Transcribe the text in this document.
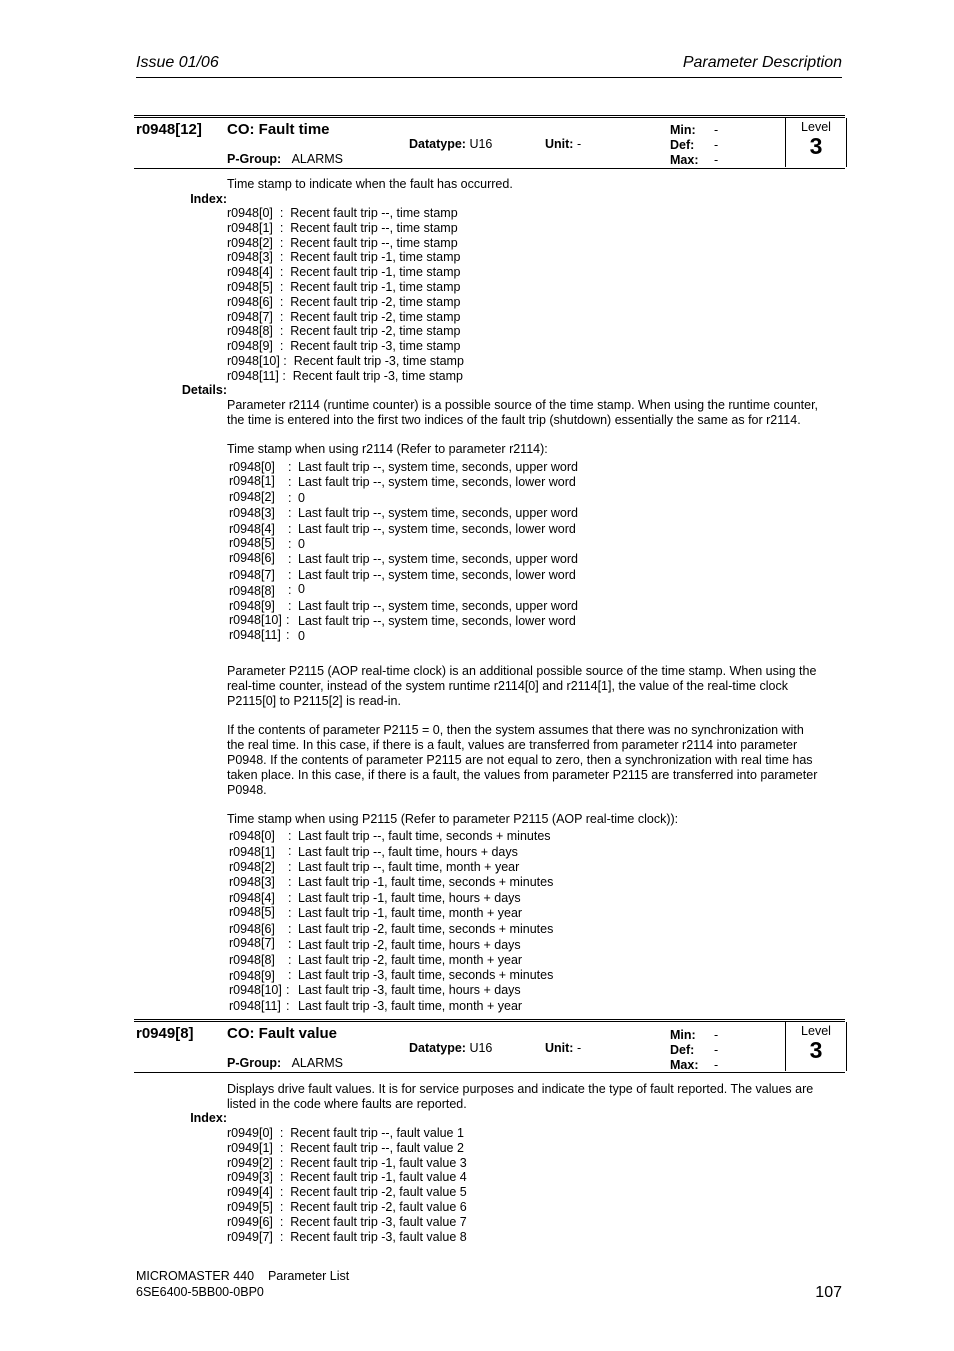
Issue 01/06	Parameter Description
r0948[12] CO: Fault time
Datatype: U16	Unit: -
P-Group: ALARMS
Min: -
Def: -
Max: -
Level
3
Time stamp to indicate when the fault has occurred.
Index:
r0948[0]  :  Recent fault trip --, time stamp
r0948[1]  :  Recent fault trip --, time stamp
r0948[2]  :  Recent fault trip --, time stamp
r0948[3]  :  Recent fault trip -1, time stamp
r0948[4]  :  Recent fault trip -1, time stamp
r0948[5]  :  Recent fault trip -1, time stamp
r0948[6]  :  Recent fault trip -2, time stamp
r0948[7]  :  Recent fault trip -2, time stamp
r0948[8]  :  Recent fault trip -2, time stamp
r0948[9]  :  Recent fault trip -3, time stamp
r0948[10] :  Recent fault trip -3, time stamp
r0948[11] :  Recent fault trip -3, time stamp
Details:
Parameter r2114 (runtime counter) is a possible source of the time stamp. When using the runtime counter,
the time is entered into the first two indices of the fault trip (shutdown) essentially the same as for r2114.
Time stamp when using r2114 (Refer to parameter r2114):
r0948[0] : Last fault trip --, system time, seconds, upper word
r0948[1] : Last fault trip --, system time, seconds, lower word
r0948[2] : 0
r0948[3] : Last fault trip --, system time, seconds, upper word
r0948[4] : Last fault trip --, system time, seconds, lower word
r0948[5] : 0
r0948[6] : Last fault trip --, system time, seconds, upper word
r0948[7] : Last fault trip --, system time, seconds, lower word
r0948[8] : 0
r0948[9] : Last fault trip --, system time, seconds, upper word
r0948[10] : Last fault trip --, system time, seconds, lower word
r0948[11] : 0
Parameter P2115 (AOP real-time clock) is an additional possible source of the time stamp. When using the
real-time counter, instead of the system runtime r2114[0] and r2114[1], the value of the real-time clock
P2115[0] to P2115[2] is read-in.
If the contents of parameter P2115 = 0, then the system assumes that there was no synchronization with
the real time. In this case, if there is a fault, values are transferred from parameter r2114 into parameter
P0948. If the contents of parameter P2115 are not equal to zero, then a synchronization with real time has
taken place. In this case, if there is a fault, the values from parameter P2115 are transferred into parameter
P0948.
Time stamp when using P2115 (Refer to parameter P2115 (AOP real-time clock)):
r0948[0] : Last fault trip --, fault time, seconds + minutes
r0948[1] : Last fault trip --, fault time, hours + days
r0948[2] : Last fault trip --, fault time, month + year
r0948[3] : Last fault trip -1, fault time, seconds + minutes
r0948[4] : Last fault trip -1, fault time, hours + days
r0948[5] : Last fault trip -1, fault time, month + year
r0948[6] : Last fault trip -2, fault time, seconds + minutes
r0948[7] : Last fault trip -2, fault time, hours + days
r0948[8] : Last fault trip -2, fault time, month + year
r0948[9] : Last fault trip -3, fault time, seconds + minutes
r0948[10] : Last fault trip -3, fault time, hours + days
r0948[11] : Last fault trip -3, fault time, month + year
r0949[8] CO: Fault value
Datatype: U16	Unit: -
P-Group: ALARMS
Min: -
Def: -
Max: -
Level
3
Displays drive fault values. It is for service purposes and indicate the type of fault reported. The values are
listed in the code where faults are reported.
Index:
r0949[0]  :  Recent fault trip --, fault value 1
r0949[1]  :  Recent fault trip --, fault value 2
r0949[2]  :  Recent fault trip -1, fault value 3
r0949[3]  :  Recent fault trip -1, fault value 4
r0949[4]  :  Recent fault trip -2, fault value 5
r0949[5]  :  Recent fault trip -2, fault value 6
r0949[6]  :  Recent fault trip -3, fault value 7
r0949[7]  :  Recent fault trip -3, fault value 8
MICROMASTER 440    Parameter List
6SE6400-5BB00-0BP0	107
